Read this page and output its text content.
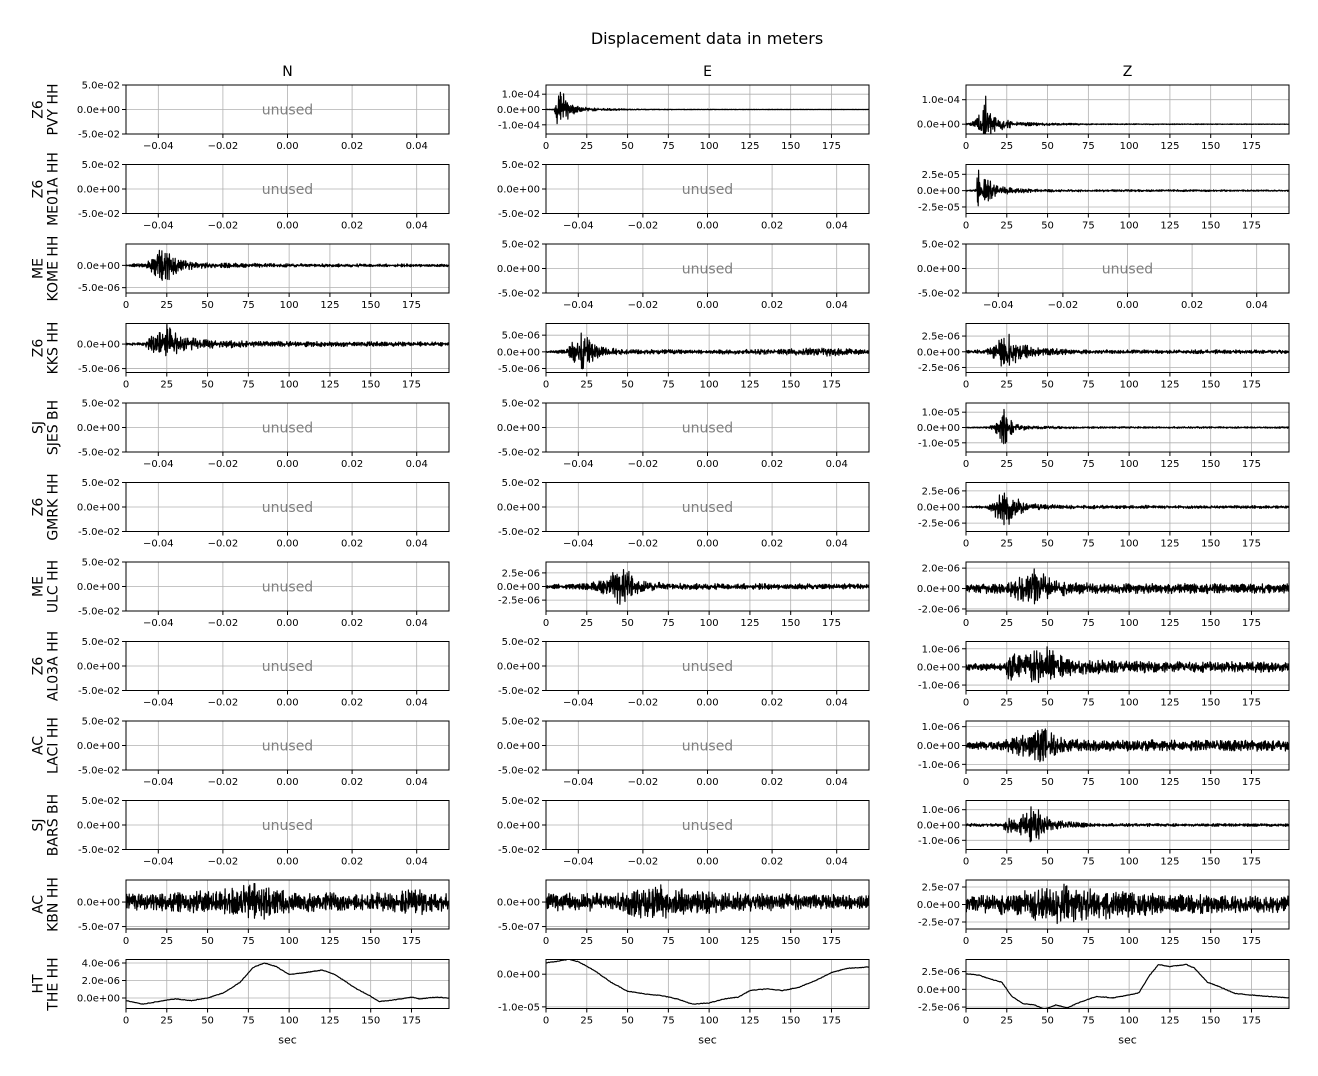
Displacement data in meters
N	E	Z
Z6PVY HH	unused
−0.04	−0.02	0.00	0.02	0.04
5.0e-02
0.0e+00
-5.0e-02
0	25	50	75 100 125 150 175
1.0e-04
0.0e+00
-1.0e-04
0	25	50	75 100 125 150 175
1.0e-04
0.0e+00
Z6ME01A HH	unused
−0.04	−0.02	0.00	0.02	0.04
5.0e-02
0.0e+00
-5.0e-02
unused
−0.04	−0.02	0.00	0.02	0.04
5.0e-02
0.0e+00
-5.0e-02
0	25	50	75 100 125 150 175
2.5e-05
0.0e+00
-2.5e-05
MEKOME HH
0	25	50	75 100 125 150 175
0.0e+00
-5.0e-06
unused
−0.04	−0.02	0.00	0.02	0.04
5.0e-02
0.0e+00
-5.0e-02
unused
−0.04	−0.02	0.00	0.02	0.04
5.0e-02
0.0e+00
-5.0e-02
Z6KKS HH
0	25	50	75 100 125 150 175
0.0e+00
-5.0e-06
0	25	50	75 100 125 150 175
5.0e-06
0.0e+00
-5.0e-06
0	25	50	75 100 125 150 175
2.5e-06
0.0e+00
-2.5e-06
SJSJES BH	unused
−0.04	−0.02	0.00	0.02	0.04
5.0e-02
0.0e+00
-5.0e-02
unused
−0.04	−0.02	0.00	0.02	0.04
5.0e-02
0.0e+00
-5.0e-02
0	25	50	75 100 125 150 175
1.0e-05
0.0e+00
-1.0e-05
Z6GMRK HH	unused
−0.04	−0.02	0.00	0.02	0.04
5.0e-02
0.0e+00
-5.0e-02
unused
−0.04	−0.02	0.00	0.02	0.04
5.0e-02
0.0e+00
-5.0e-02
0	25	50	75 100 125 150 175
2.5e-06
0.0e+00
-2.5e-06
MEULC HH	unused
−0.04	−0.02	0.00	0.02	0.04
5.0e-02
0.0e+00
-5.0e-02
0	25	50	75 100 125 150 175
2.5e-06
0.0e+00
-2.5e-06
0	25	50	75 100 125 150 175
2.0e-06
0.0e+00
-2.0e-06
Z6AL03A HH	unused
−0.04	−0.02	0.00	0.02	0.04
5.0e-02
0.0e+00
-5.0e-02
unused
−0.04	−0.02	0.00	0.02	0.04
5.0e-02
0.0e+00
-5.0e-02
0	25	50	75 100 125 150 175
1.0e-06
0.0e+00
-1.0e-06
ACLACI HH	unused
−0.04	−0.02	0.00	0.02	0.04
5.0e-02
0.0e+00
-5.0e-02
unused
−0.04	−0.02	0.00	0.02	0.04
5.0e-02
0.0e+00
-5.0e-02
0	25	50	75 100 125 150 175
1.0e-06
0.0e+00
-1.0e-06
SJBARS BH	unused
−0.04	−0.02	0.00	0.02	0.04
5.0e-02
0.0e+00
-5.0e-02
unused
−0.04	−0.02	0.00	0.02	0.04
5.0e-02
0.0e+00
-5.0e-02
0	25	50	75 100 125 150 175
1.0e-06
0.0e+00
-1.0e-06
ACKBN HH
0	25	50	75 100 125 150 175
0.0e+00
-5.0e-07
0	25	50	75 100 125 150 175
0.0e+00
-5.0e-07
0	25	50	75 100 125 150 175
2.5e-07
0.0e+00
-2.5e-07
HTTHE HH
0	25	50	75 100 125 150 175
4.0e-06
2.0e-06
0.0e+00
sec
0	25	50	75 100 125 150 175
0.0e+00
-1.0e-05
sec
0	25	50	75 100 125 150 175
2.5e-06
0.0e+00
-2.5e-06
sec
